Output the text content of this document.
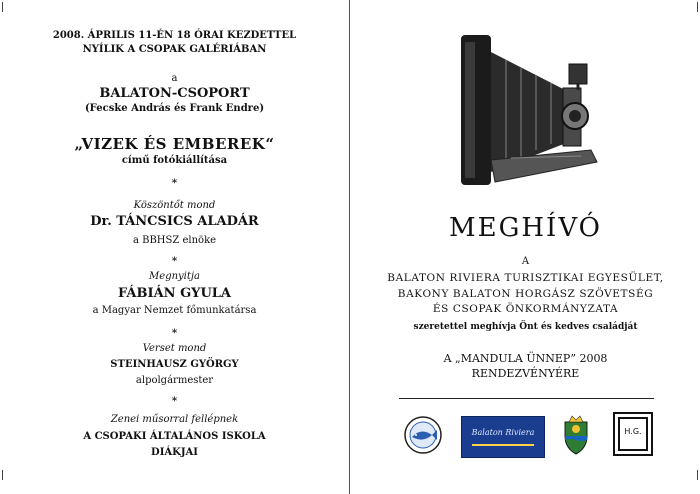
2008. ÁPRILIS 11-ÉN 18 ÓRAI KEZDETTEL
NYÍLIK A CSOPAK GALÉRIÁBAN
a
BALATON-CSOPORT
(Fecske András és Frank Endre)
„VIZEK ÉS EMBEREK“
című fotókiállítása
*
Köszöntőt mond
Dr. TÁNCSICS ALADÁR
a BBHSZ elnöke
*
Megnyitja
FÁBIÁN GYULA
a Magyar Nemzet főmunkatársa
*
Verset mond
STEINHAUSZ GYÖRGY
alpolgármester
*
Zenei műsorral fellépnek
A CSOPAKI ÁLTALÁNOS ISKOLA
DIÁKJAI
MEGHÍVÓ
A
BALATON RIVIERA TURISZTIKAI EGYESÜLET,
BAKONY BALATON HORGÁSZ SZÖVETSÉG
ÉS CSOPAK ÖNKORMÁNYZATA
szeretettel meghívja Önt és kedves családját
A „MANDULA ÜNNEP” 2008
RENDEZVÉNYÉRE
Balaton Riviera	H.G.
